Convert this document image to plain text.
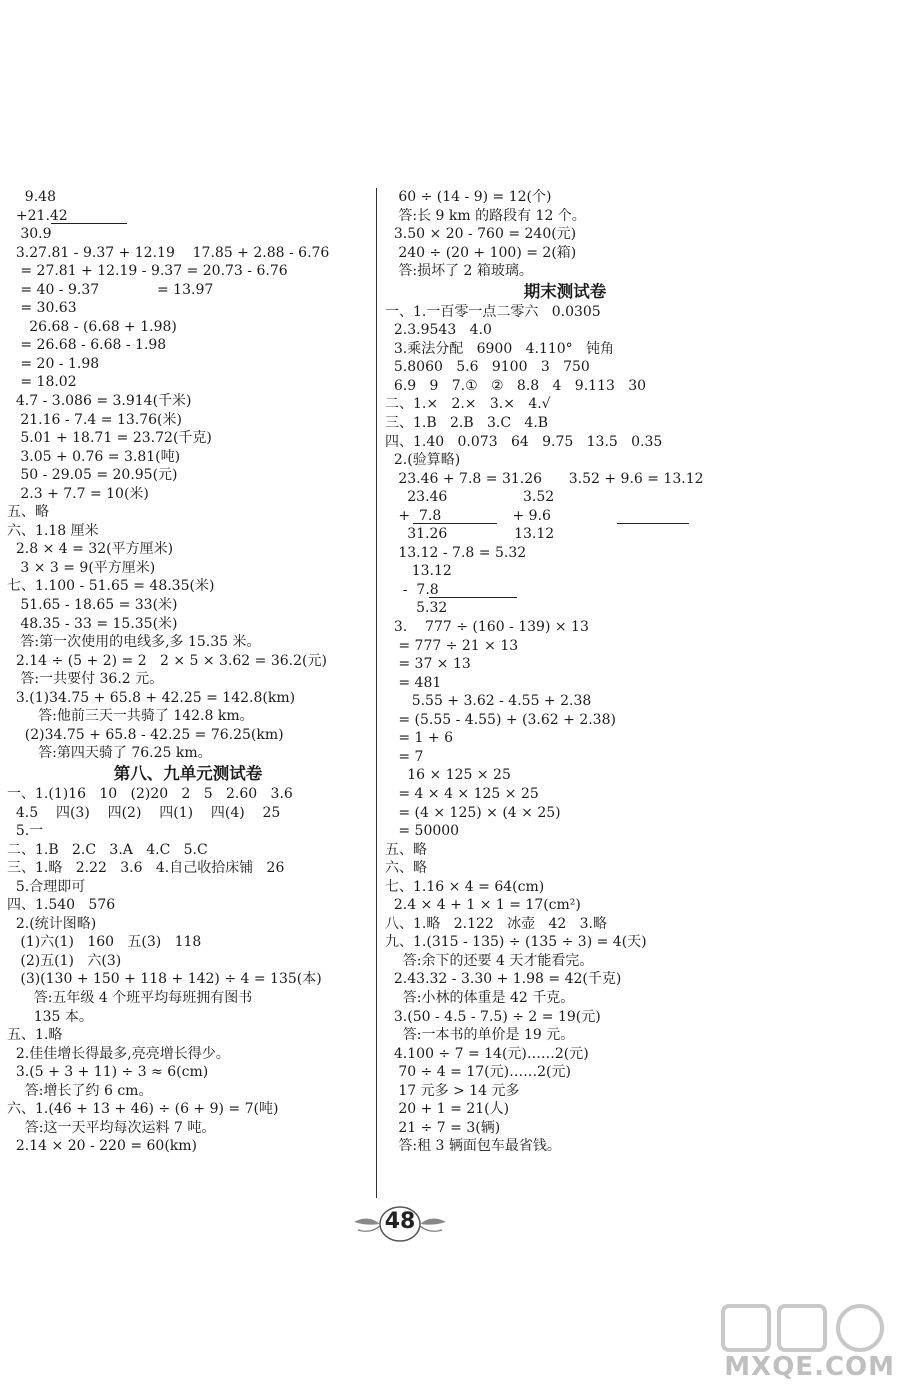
9.48
+21.42
30.9
3.27.81 - 9.37 + 12.19    17.85 + 2.88 - 6.76
= 27.81 + 12.19 - 9.37 = 20.73 - 6.76
= 40 - 9.37             = 13.97
= 30.63
26.68 - (6.68 + 1.98)
= 26.68 - 6.68 - 1.98
= 20 - 1.98
= 18.02
4.7 - 3.086 = 3.914(千米)
21.16 - 7.4 = 13.76(米)
5.01 + 18.71 = 23.72(千克)
3.05 + 0.76 = 3.81(吨)
50 - 29.05 = 20.95(元)
2.3 + 7.7 = 10(米)
五、略
六、1.18 厘米
2.8 × 4 = 32(平方厘米)
3 × 3 = 9(平方厘米)
七、1.100 - 51.65 = 48.35(米)
51.65 - 18.65 = 33(米)
48.35 - 33 = 15.35(米)
答:第一次使用的电线多,多 15.35 米。
2.14 ÷ (5 + 2) = 2   2 × 5 × 3.62 = 36.2(元)
答:一共要付 36.2 元。
3.(1)34.75 + 65.8 + 42.25 = 142.8(km)
答:他前三天一共骑了 142.8 km。
(2)34.75 + 65.8 - 42.25 = 76.25(km)
答:第四天骑了 76.25 km。
第八、九单元测试卷
一、1.(1)16   10   (2)20   2   5   2.60   3.6
4.5    四(3)    四(2)    四(1)    四(4)    25
5.一
二、1.B   2.C   3.A   4.C   5.C
三、1.略   2.22   3.6   4.自己收拾床铺   26
5.合理即可
四、1.540   576
2.(统计图略)
(1)六(1)   160   五(3)   118
(2)五(1)   六(3)
(3)(130 + 150 + 118 + 142) ÷ 4 = 135(本)
答:五年级 4 个班平均每班拥有图书
135 本。
五、1.略
2.佳佳增长得最多,亮亮增长得少。
3.(5 + 3 + 11) ÷ 3 ≈ 6(cm)
答:增长了约 6 cm。
六、1.(46 + 13 + 46) ÷ (6 + 9) = 7(吨)
答:这一天平均每次运料 7 吨。
2.14 × 20 - 220 = 60(km)
60 ÷ (14 - 9) = 12(个)
答:长 9 km 的路段有 12 个。
3.50 × 20 - 760 = 240(元)
240 ÷ (20 + 100) = 2(箱)
答:损坏了 2 箱玻璃。
期末测试卷
一、1.一百零一点二零六   0.0305
2.3.9543   4.0
3.乘法分配   6900   4.110°   钝角
5.8060   5.6   9100   3   750
6.9   9   7.①   ②   8.8   4   9.113   30
二、1.×   2.×   3.×   4.√
三、1.B   2.B   3.C   4.B
四、1.40   0.073   64   9.75   13.5   0.35
2.(验算略)
23.46 + 7.8 = 31.26      3.52 + 9.6 = 13.12
23.46                 3.52
+  7.8                + 9.6
31.26               13.12
13.12 - 7.8 = 5.32
13.12
-  7.8
5.32
3.    777 ÷ (160 - 139) × 13
= 777 ÷ 21 × 13
= 37 × 13
= 481
5.55 + 3.62 - 4.55 + 2.38
= (5.55 - 4.55) + (3.62 + 2.38)
= 1 + 6
= 7
16 × 125 × 25
= 4 × 4 × 125 × 25
= (4 × 125) × (4 × 25)
= 50000
五、略
六、略
七、1.16 × 4 = 64(cm)
2.4 × 4 + 1 × 1 = 17(cm²)
八、1.略   2.122   冰壶   42   3.略
九、1.(315 - 135) ÷ (135 ÷ 3) = 4(天)
答:余下的还要 4 天才能看完。
2.43.32 - 3.30 + 1.98 = 42(千克)
答:小林的体重是 42 千克。
3.(50 - 4.5 - 7.5) ÷ 2 = 19(元)
答:一本书的单价是 19 元。
4.100 ÷ 7 = 14(元)……2(元)
70 ÷ 4 = 17(元)……2(元)
17 元多 > 14 元多
20 + 1 = 21(人)
21 ÷ 7 = 3(辆)
答:租 3 辆面包车最省钱。
48
MXQE.COM
